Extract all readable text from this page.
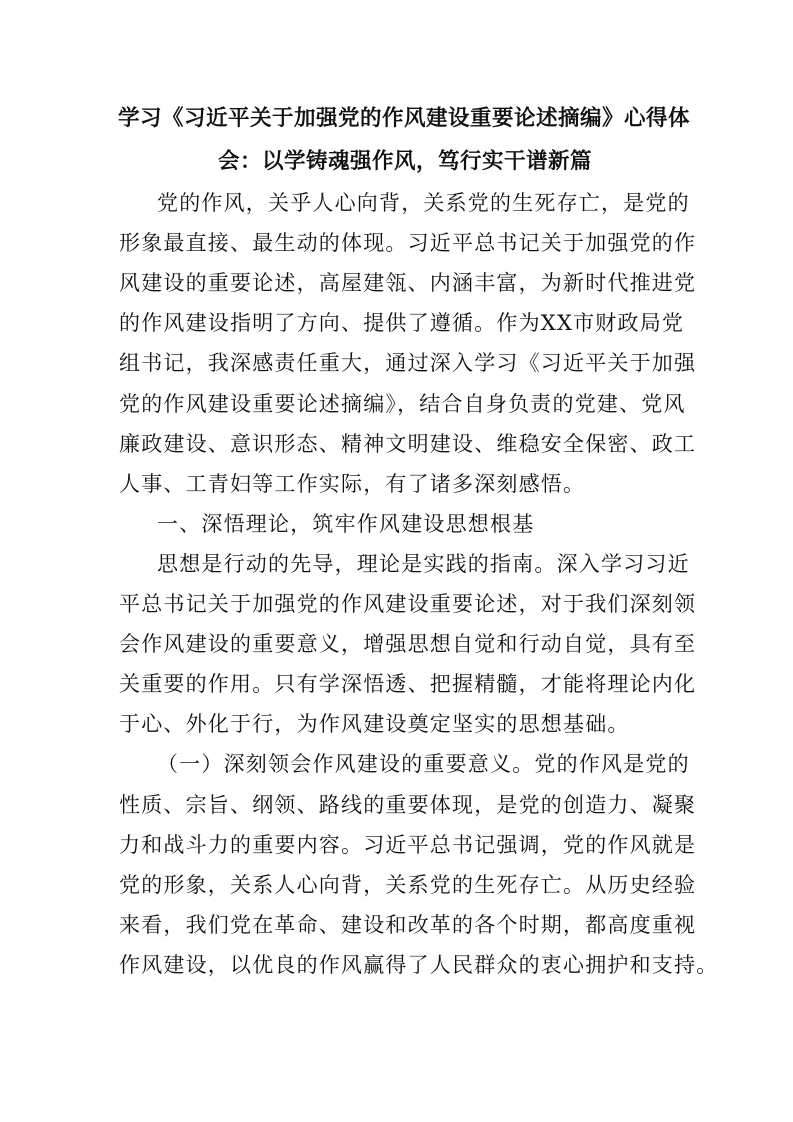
学习《习近平关于加强党的作风建设重要论述摘编》心得体
会：以学铸魂强作风，笃行实干谱新篇
党的作风，关乎人心向背，关系党的生死存亡，是党的
形象最直接、最生动的体现。习近平总书记关于加强党的作
风建设的重要论述，高屋建瓴、内涵丰富，为新时代推进党
的作风建设指明了方向、提供了遵循。作为XX市财政局党
组书记，我深感责任重大，通过深入学习《习近平关于加强
党的作风建设重要论述摘编》，结合自身负责的党建、党风
廉政建设、意识形态、精神文明建设、维稳安全保密、政工
人事、工青妇等工作实际，有了诸多深刻感悟。
一、深悟理论，筑牢作风建设思想根基
思想是行动的先导，理论是实践的指南。深入学习习近
平总书记关于加强党的作风建设重要论述，对于我们深刻领
会作风建设的重要意义，增强思想自觉和行动自觉，具有至
关重要的作用。只有学深悟透、把握精髓，才能将理论内化
于心、外化于行，为作风建设奠定坚实的思想基础。
（一）深刻领会作风建设的重要意义。党的作风是党的
性质、宗旨、纲领、路线的重要体现，是党的创造力、凝聚
力和战斗力的重要内容。习近平总书记强调，党的作风就是
党的形象，关系人心向背，关系党的生死存亡。从历史经验
来看，我们党在革命、建设和改革的各个时期，都高度重视
作风建设，以优良的作风赢得了人民群众的衷心拥护和支持。
